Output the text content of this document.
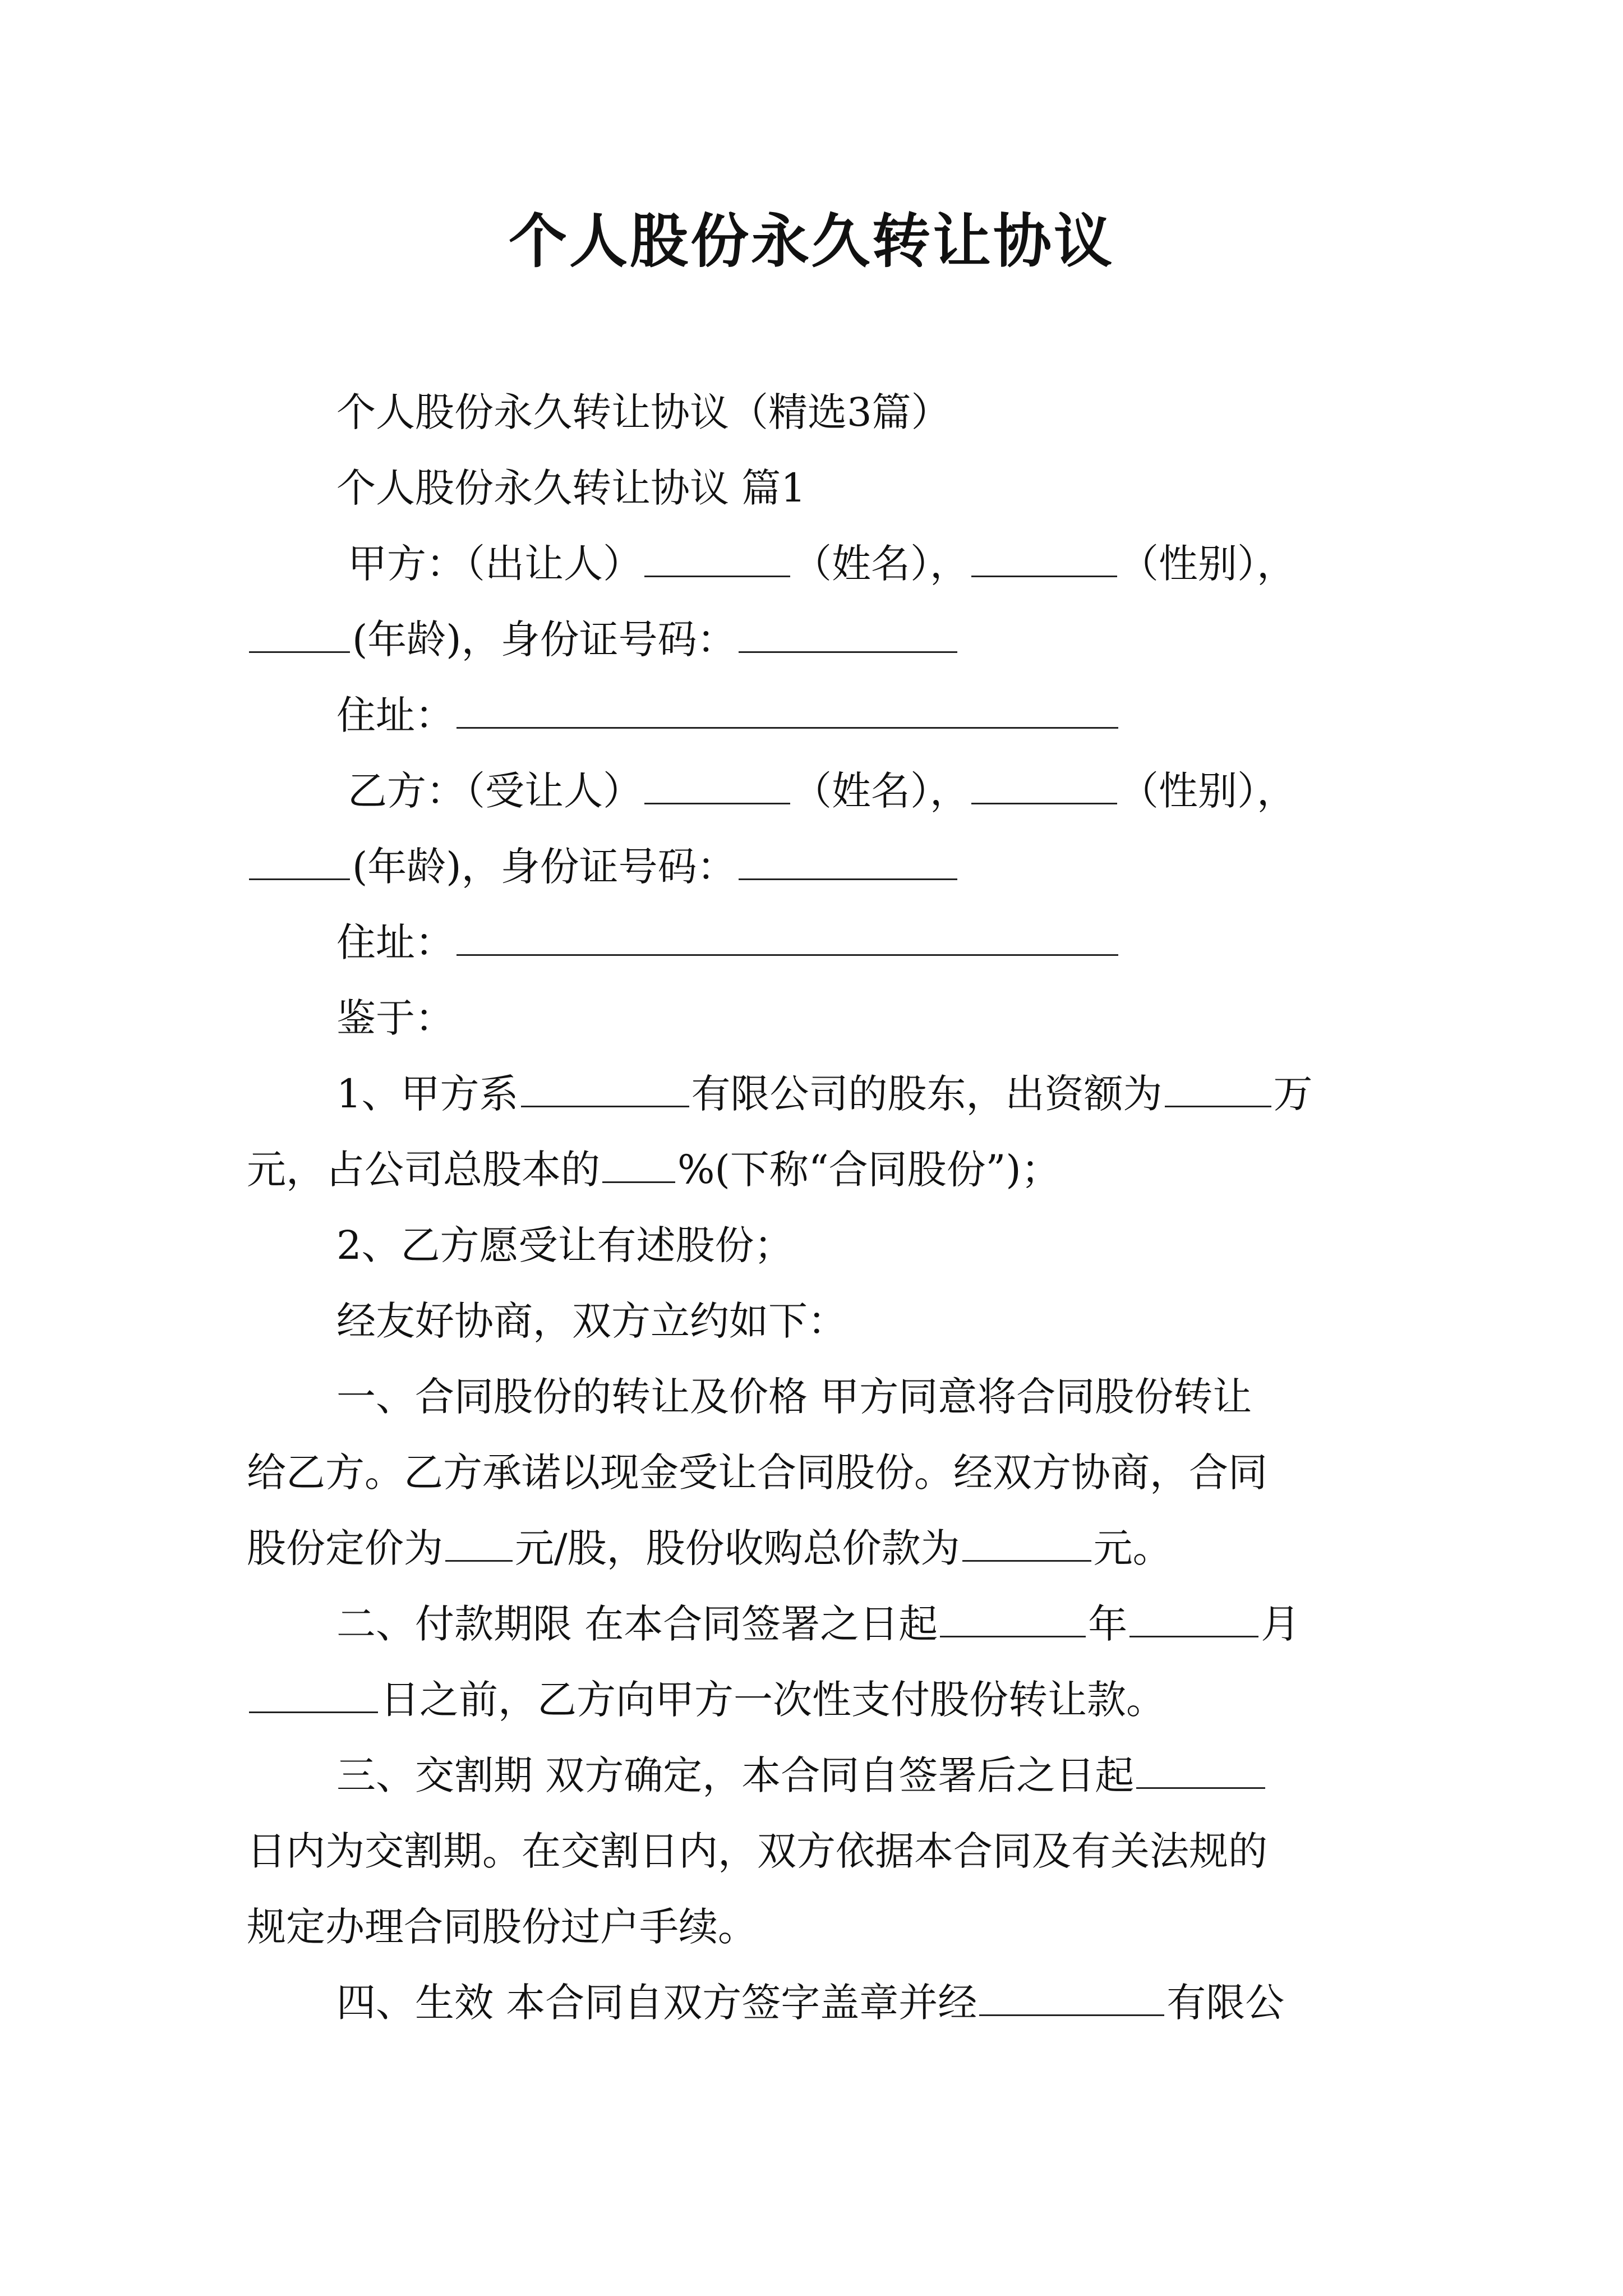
个人股份永久转让协议

个人股份永久转让协议（精选3篇）

个人股份永久转让协议 篇1

甲方：（出让人）	（姓名），	（性别），

(年龄)，身份证号码：

住址：

乙方：（受让人）	（姓名），	（性别），

(年龄)，身份证号码：

住址：

鉴于：

1、甲方系	有限公司的股东，出资额为	万

元，占公司总股本的 %(下称“合同股份”)；

2、乙方愿受让有述股份；

经友好协商，双方立约如下：

一、合同股份的转让及价格 甲方同意将合同股份转让

给乙方。乙方承诺以现金受让合同股份。经双方协商，合同

股份定价为 元/股，股份收购总价款为	元。

二、付款期限 在本合同签署之日起	年	月

日之前，乙方向甲方一次性支付股份转让款。

三、交割期 双方确定，本合同自签署后之日起

日内为交割期。在交割日内，双方依据本合同及有关法规的

规定办理合同股份过户手续。

四、生效 本合同自双方签字盖章并经	有限公
